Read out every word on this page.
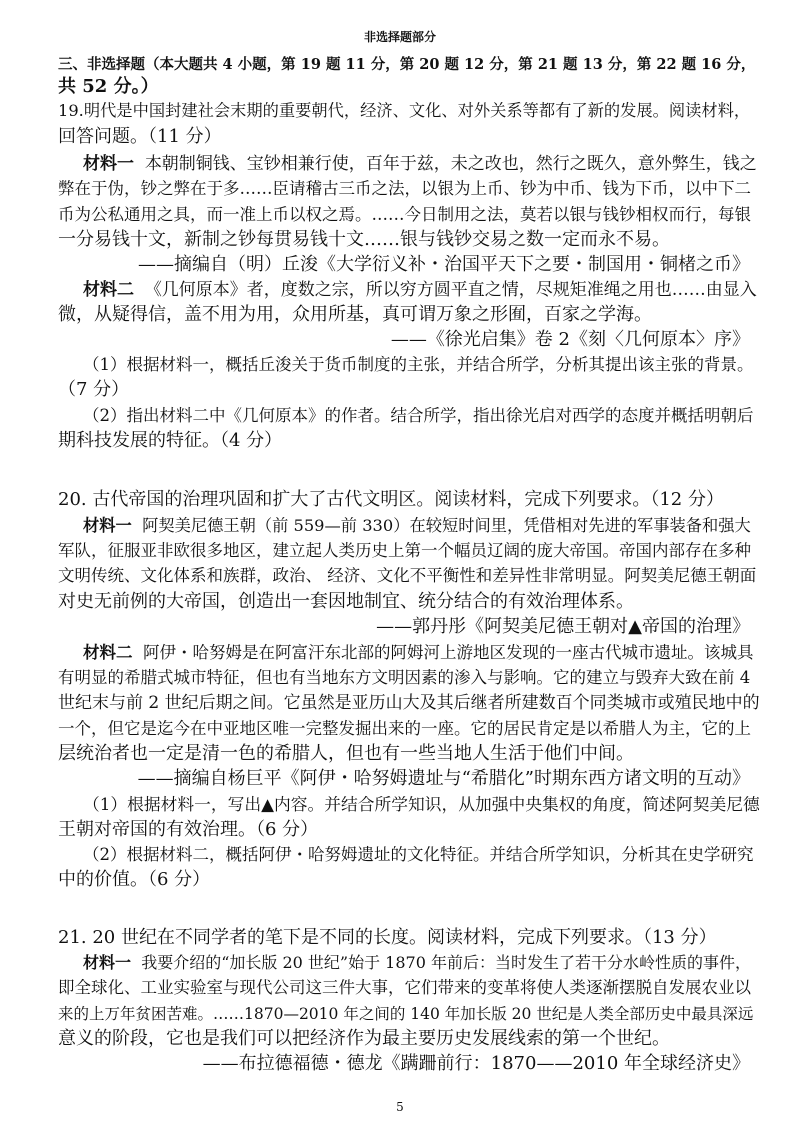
非选择题部分
三、非选择题（本大题共 4 小题，第 19 题 11 分，第 20 题 12 分，第 21 题 13 分，第 22 题 16 分，
共 52 分。）
19.明代是中国封建社会末期的重要朝代，经济、文化、对外关系等都有了新的发展。阅读材料，
回答问题。（11 分）
材料一 本朝制铜钱、宝钞相兼行使，百年于兹，未之改也，然行之既久，意外弊生，钱之
弊在于伪，钞之弊在于多……臣请稽古三币之法，以银为上币、钞为中币、钱为下币，以中下二
币为公私通用之具，而一准上币以权之焉。……今日制用之法，莫若以银与钱钞相权而行，每银
一分易钱十文，新制之钞每贯易钱十文……银与钱钞交易之数一定而永不易。
——摘编自（明）丘浚《大学衍义补・治国平天下之要・制国用・铜楮之币》
材料二 《几何原本》者，度数之宗，所以穷方圆平直之情，尽规矩准绳之用也……由显入
微，从疑得信，盖不用为用，众用所基，真可谓万象之形囿，百家之学海。
——《徐光启集》卷 2《刻〈几何原本〉序》
（1）根据材料一，概括丘浚关于货币制度的主张，并结合所学，分析其提出该主张的背景。
（7 分）
（2）指出材料二中《几何原本》的作者。结合所学，指出徐光启对西学的态度并概括明朝后
期科技发展的特征。（4 分）
20. 古代帝国的治理巩固和扩大了古代文明区。阅读材料，完成下列要求。（12 分）
材料一 阿契美尼德王朝（前 559—前 330）在较短时间里，凭借相对先进的军事装备和强大
军队，征服亚非欧很多地区，建立起人类历史上第一个幅员辽阔的庞大帝国。帝国内部存在多种
文明传统、文化体系和族群，政治、 经济、文化不平衡性和差异性非常明显。阿契美尼德王朝面
对史无前例的大帝国，创造出一套因地制宜、统分结合的有效治理体系。
——郭丹彤《阿契美尼德王朝对▲帝国的治理》
材料二 阿伊・哈努姆是在阿富汗东北部的阿姆河上游地区发现的一座古代城市遗址。该城具
有明显的希腊式城市特征，但也有当地东方文明因素的渗入与影响。它的建立与毁弃大致在前 4
世纪末与前 2 世纪后期之间。它虽然是亚历山大及其后继者所建数百个同类城市或殖民地中的
一个，但它是迄今在中亚地区唯一完整发掘出来的一座。它的居民肯定是以希腊人为主，它的上
层统治者也一定是清一色的希腊人，但也有一些当地人生活于他们中间。
——摘编自杨巨平《阿伊・哈努姆遗址与“希腊化”时期东西方诸文明的互动》
（1）根据材料一，写出▲内容。并结合所学知识，从加强中央集权的角度，简述阿契美尼德
王朝对帝国的有效治理。（6 分）
（2）根据材料二，概括阿伊・哈努姆遗址的文化特征。并结合所学知识，分析其在史学研究
中的价值。（6 分）
21. 20 世纪在不同学者的笔下是不同的长度。阅读材料，完成下列要求。（13 分）
材料一 我要介绍的“加长版 20 世纪”始于 1870 年前后：当时发生了若干分水岭性质的事件，
即全球化、工业实验室与现代公司这三件大事，它们带来的变革将使人类逐渐摆脱自发展农业以
来的上万年贫困苦难。……1870—2010 年之间的 140 年加长版 20 世纪是人类全部历史中最具深远
意义的阶段，它也是我们可以把经济作为最主要历史发展线索的第一个世纪。
——布拉德福德・德龙《蹒跚前行：1870——2010 年全球经济史》
5
